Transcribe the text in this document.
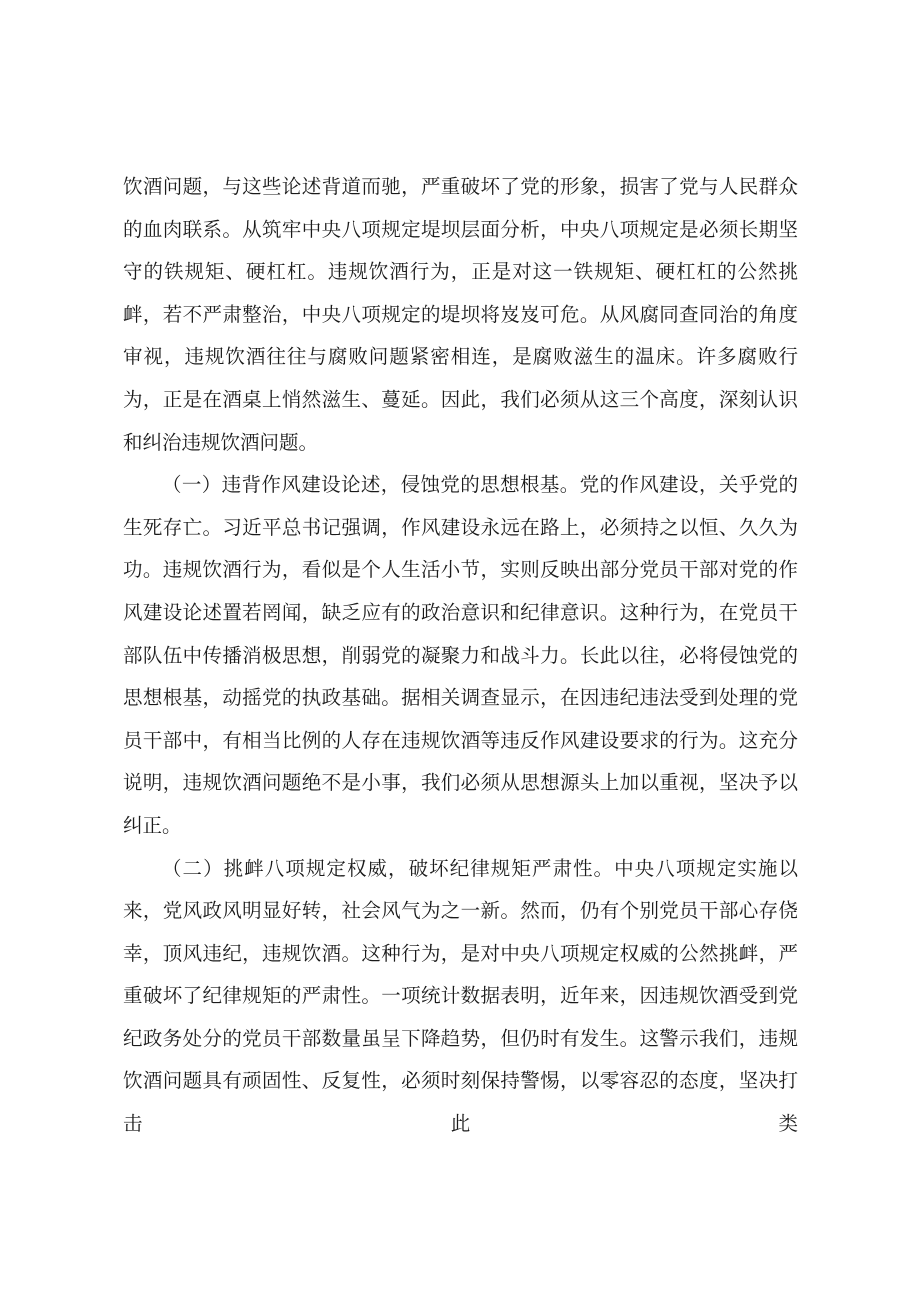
饮酒问题，与这些论述背道而驰，严重破坏了党的形象，损害了党与人民群众的血肉联系。从筑牢中央八项规定堤坝层面分析，中央八项规定是必须长期坚守的铁规矩、硬杠杠。违规饮酒行为，正是对这一铁规矩、硬杠杠的公然挑衅，若不严肃整治，中央八项规定的堤坝将岌岌可危。从风腐同查同治的角度审视，违规饮酒往往与腐败问题紧密相连，是腐败滋生的温床。许多腐败行为，正是在酒桌上悄然滋生、蔓延。因此，我们必须从这三个高度，深刻认识和纠治违规饮酒问题。

（一）违背作风建设论述，侵蚀党的思想根基。党的作风建设，关乎党的生死存亡。习近平总书记强调，作风建设永远在路上，必须持之以恒、久久为功。违规饮酒行为，看似是个人生活小节，实则反映出部分党员干部对党的作风建设论述置若罔闻，缺乏应有的政治意识和纪律意识。这种行为，在党员干部队伍中传播消极思想，削弱党的凝聚力和战斗力。长此以往，必将侵蚀党的思想根基，动摇党的执政基础。据相关调查显示，在因违纪违法受到处理的党员干部中，有相当比例的人存在违规饮酒等违反作风建设要求的行为。这充分说明，违规饮酒问题绝不是小事，我们必须从思想源头上加以重视，坚决予以纠正。

（二）挑衅八项规定权威，破坏纪律规矩严肃性。中央八项规定实施以来，党风政风明显好转，社会风气为之一新。然而，仍有个别党员干部心存侥幸，顶风违纪，违规饮酒。这种行为，是对中央八项规定权威的公然挑衅，严重破坏了纪律规矩的严肃性。一项统计数据表明，近年来，因违规饮酒受到党纪政务处分的党员干部数量虽呈下降趋势，但仍时有发生。这警示我们，违规饮酒问题具有顽固性、反复性，必须时刻保持警惕，以零容忍的态度，坚决打击此类
